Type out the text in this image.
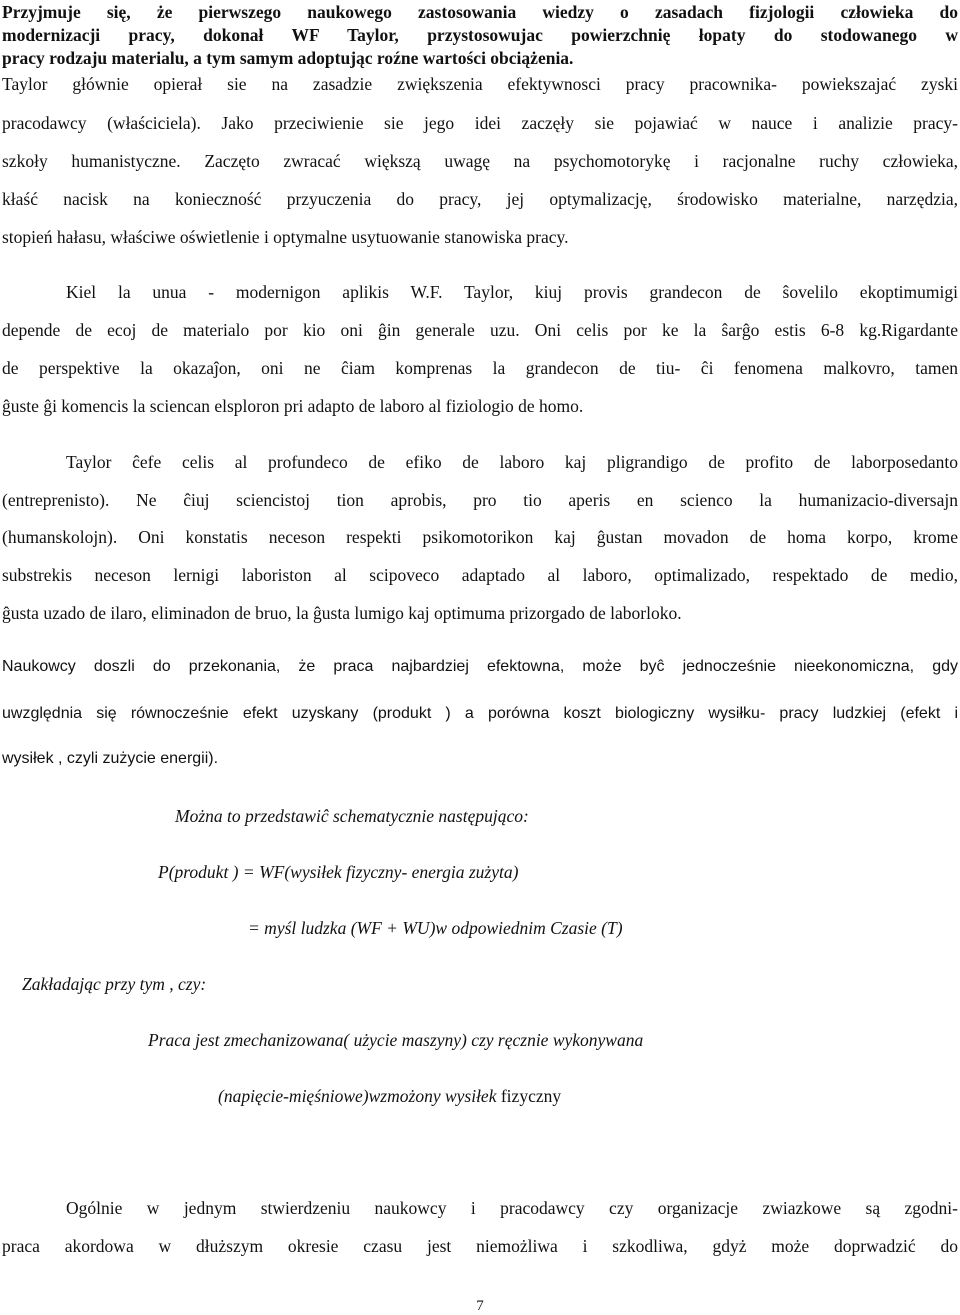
Przyjmuje się, że pierwszego naukowego zastosowania wiedzy o zasadach fizjologii człowieka do
modernizacji pracy, dokonał WF Taylor, przystosowujac powierzchnię łopaty do stodowanego w
pracy rodzaju materialu, a tym samym adoptując roźne wartości obciążenia.
Taylor głównie opierał sie na zasadzie zwiększenia efektywnosci pracy pracownika- powiekszajać zyski
pracodawcy (właściciela). Jako przeciwienie sie jego idei zaczęły sie pojawiać w nauce i analizie pracy-
szkoły humanistyczne. Zaczęto zwracać większą uwagę na psychomotorykę i racjonalne ruchy człowieka,
kłaść nacisk na konieczność przyuczenia do pracy, jej optymalizację, środowisko materialne, narzędzia,
stopień hałasu, właściwe oświetlenie i optymalne usytuowanie stanowiska pracy.
Kiel la unua - modernigon aplikis W.F. Taylor, kiuj provis grandecon de ŝovelilo ekoptimumigi
depende de ecoj de materialo por kio oni ĝin generale uzu. Oni celis por ke la ŝarĝo estis 6-8 kg.Rigardante
de perspektive la okazaĵon, oni ne ĉiam komprenas la grandecon de tiu- ĉi fenomena malkovro, tamen
ĝuste ĝi komencis la sciencan elsploron pri adapto de laboro al fiziologio de homo.
Taylor ĉefe celis al profundeco de efiko de laboro kaj pligrandigo de profito de laborposedanto
(entreprenisto). Ne ĉiuj sciencistoj tion aprobis, pro tio aperis en scienco la humanizacio-diversajn
(humanskolojn). Oni konstatis neceson respekti psikomotorikon kaj ĝustan movadon de homa korpo, krome
substrekis neceson lernigi laboriston al scipoveco adaptado al laboro, optimalizado, respektado de medio,
ĝusta uzado de ilaro, eliminadon de bruo, la ĝusta lumigo kaj optimuma prizorgado de laborloko.
Naukowcy doszli do przekonania, że praca najbardziej efektowna, może byĉ jednocześnie nieekonomiczna, gdy
uwzględnia się równocześnie efekt uzyskany (produkt ) a porówna koszt biologiczny wysiłku- pracy ludzkiej (efekt i
wysiłek , czyli zużycie energii).
Można to przedstawiĉ schematycznie następująco:
P(produkt ) = WF(wysiłek fizyczny- energia zużyta)
= myśl ludzka (WF + WU)w odpowiednim Czasie (T)
Zakładając przy tym , czy:
Praca jest zmechanizowana( użycie maszyny) czy ręcznie wykonywana
(napięcie-mięśniowe)wzmożony wysiłek fizyczny
Ogólnie w jednym stwierdzeniu naukowcy i pracodawcy czy organizacje zwiazkowe są zgodni-
praca akordowa w dłuższym okresie czasu jest niemożliwa i szkodliwa, gdyż może doprwadzić do
7
